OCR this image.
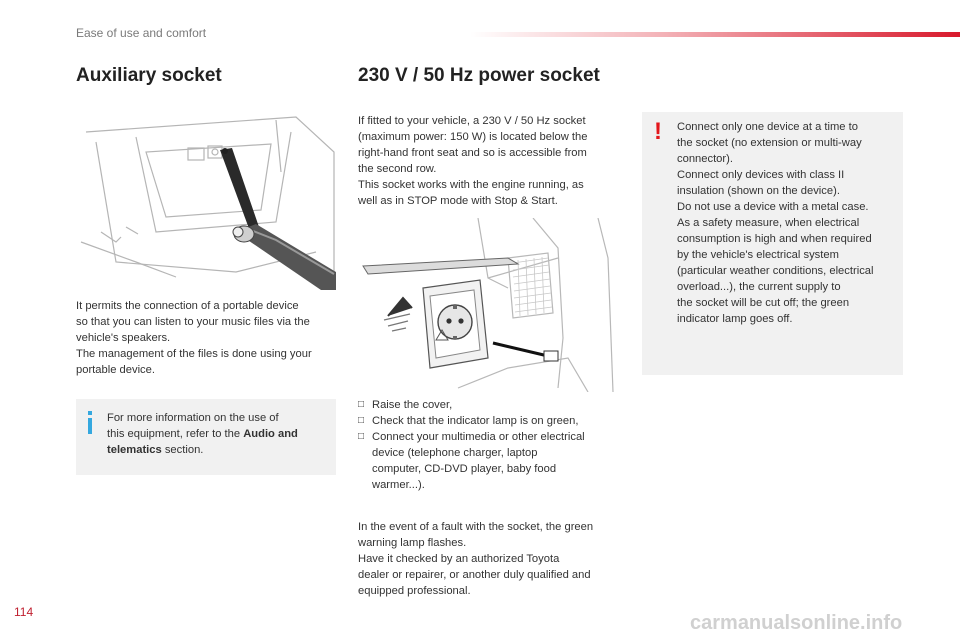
Ease of use and comfort
Auxiliary socket
It permits the connection of a portable device
so that you can listen to your music files via the
vehicle's speakers.
The management of the files is done using your
portable device.
For more information on the use of
this equipment, refer to the Audio and
telematics section.
230 V / 50 Hz power socket
If fitted to your vehicle, a 230 V / 50 Hz socket
(maximum power: 150 W) is located below the
right-hand front seat and so is accessible from
the second row.
This socket works with the engine running, as
well as in STOP mode with Stop & Start.
□ Raise the cover,
□ Check that the indicator lamp is on green,
□ Connect your multimedia or other electrical
device (telephone charger, laptop
computer, CD-DVD player, baby food
warmer...).
In the event of a fault with the socket, the green
warning lamp flashes.
Have it checked by an authorized Toyota
dealer or repairer, or another duly qualified and
equipped professional.
! Connect only one device at a time to
the socket (no extension or multi-way
connector).
Connect only devices with class II
insulation (shown on the device).
Do not use a device with a metal case.
As a safety measure, when electrical
consumption is high and when required
by the vehicle's electrical system
(particular weather conditions, electrical
overload...), the current supply to
the socket will be cut off; the green
indicator lamp goes off.
114	carmanualsonline.info
